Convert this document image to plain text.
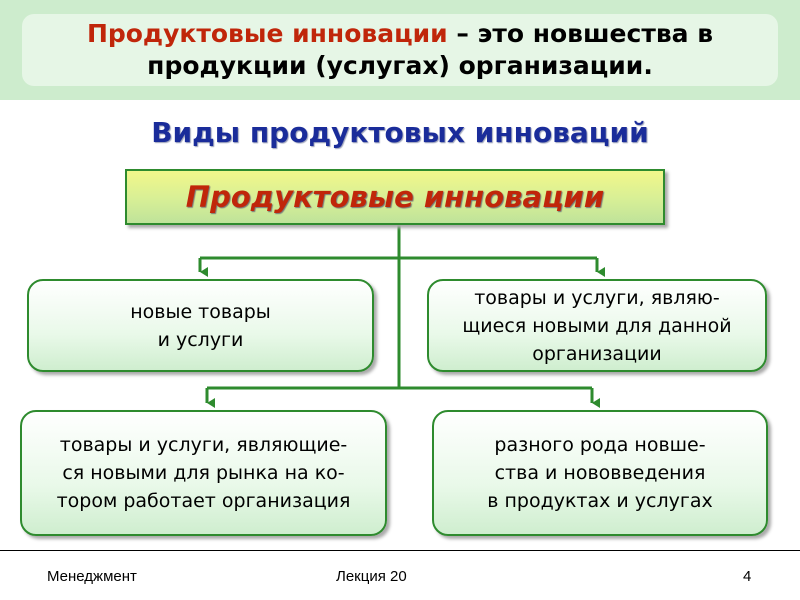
Продуктовые инновации – это новшества в продукции (услугах) организации.
Виды продуктовых инноваций
Продуктовые инновации
новые товары
и услуги
товары и услуги, являю-
щиеся новыми для данной
организации
товары и услуги, являющие-
ся новыми для рынка на ко-
тором работает организация
разного рода новше-
ства и нововведения
в продуктах и услугах
Менеджмент	Лекция 20	4
